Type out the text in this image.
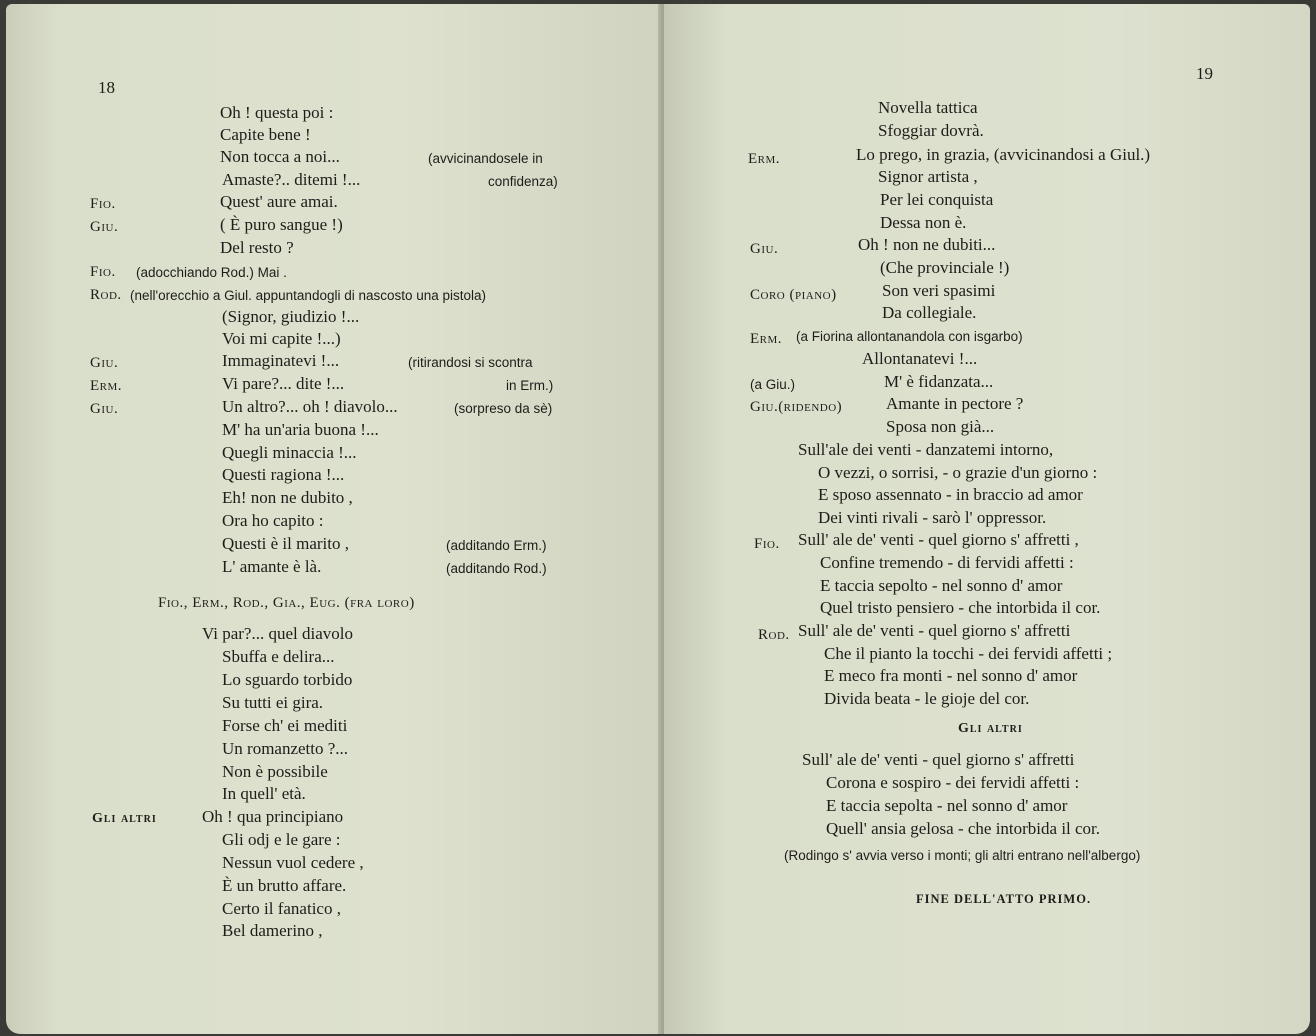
18
Oh ! questa poi :
Capite bene !
Non tocca a noi...	(avvicinandosele in
Amaste?.. ditemi !...	confidenza)
Fio.	Quest' aure amai.
Giu.	( È puro sangue !)
Del resto ?
Fio. (adocchiando Rod.) Mai .
Rod. (nell'orecchio a Giul. appuntandogli di nascosto una pistola)
(Signor, giudizio !...
Voi mi capite !...)
Giu.	Immaginatevi !...	(ritirandosi si scontra
Erm.	Vi pare?... dite !...	in Erm.)
Giu.	Un altro?... oh ! diavolo...	(sorpreso da sè)
M' ha un'aria buona !...
Quegli minaccia !...
Questi ragiona !...
Eh! non ne dubito ,
Ora ho capito :
Questi è il marito ,	(additando Erm.)
L' amante è là.	(additando Rod.)
Fio., Erm., Rod., Gia., Eug. (fra loro)
Vi par?... quel diavolo
Sbuffa e delira...
Lo sguardo torbido
Su tutti ei gira.
Forse ch' ei mediti
Un romanzetto ?...
Non è possibile
In quell' età.
Gli altri	Oh ! qua principiano
Gli odj e le gare :
Nessun vuol cedere ,
È un brutto affare.
Certo il fanatico ,
Bel damerino ,
19
Novella tattica
Sfoggiar dovrà.
Erm.	Lo prego, in grazia, (avvicinandosi a Giul.)
Signor artista ,
Per lei conquista
Dessa non è.
Giu.	Oh ! non ne dubiti...
(Che provinciale !)
Coro (piano)	Son veri spasimi
Da collegiale.
Erm. (a Fiorina allontanandola con isgarbo)
Allontanatevi !...
(a Giu.)	M' è fidanzata...
Giu.(ridendo)	Amante in pectore ?
Sposa non già...
Sull'ale dei venti - danzatemi intorno,
O vezzi, o sorrisi, - o grazie d'un giorno :
E sposo assennato - in braccio ad amor
Dei vinti rivali - sarò l' oppressor.
Fio. Sull' ale de' venti - quel giorno s' affretti ,
Confine tremendo - di fervidi affetti :
E taccia sepolto - nel sonno d' amor
Quel tristo pensiero - che intorbida il cor.
Rod. Sull' ale de' venti - quel giorno s' affretti
Che il pianto la tocchi - dei fervidi affetti ;
E meco fra monti - nel sonno d' amor
Divida beata - le gioje del cor.
Gli altri
Sull' ale de' venti - quel giorno s' affretti
Corona e sospiro - dei fervidi affetti :
E taccia sepolta - nel sonno d' amor
Quell' ansia gelosa - che intorbida il cor.
(Rodingo s' avvia verso i monti; gli altri entrano nell'albergo)
FINE DELL'ATTO PRIMO.
